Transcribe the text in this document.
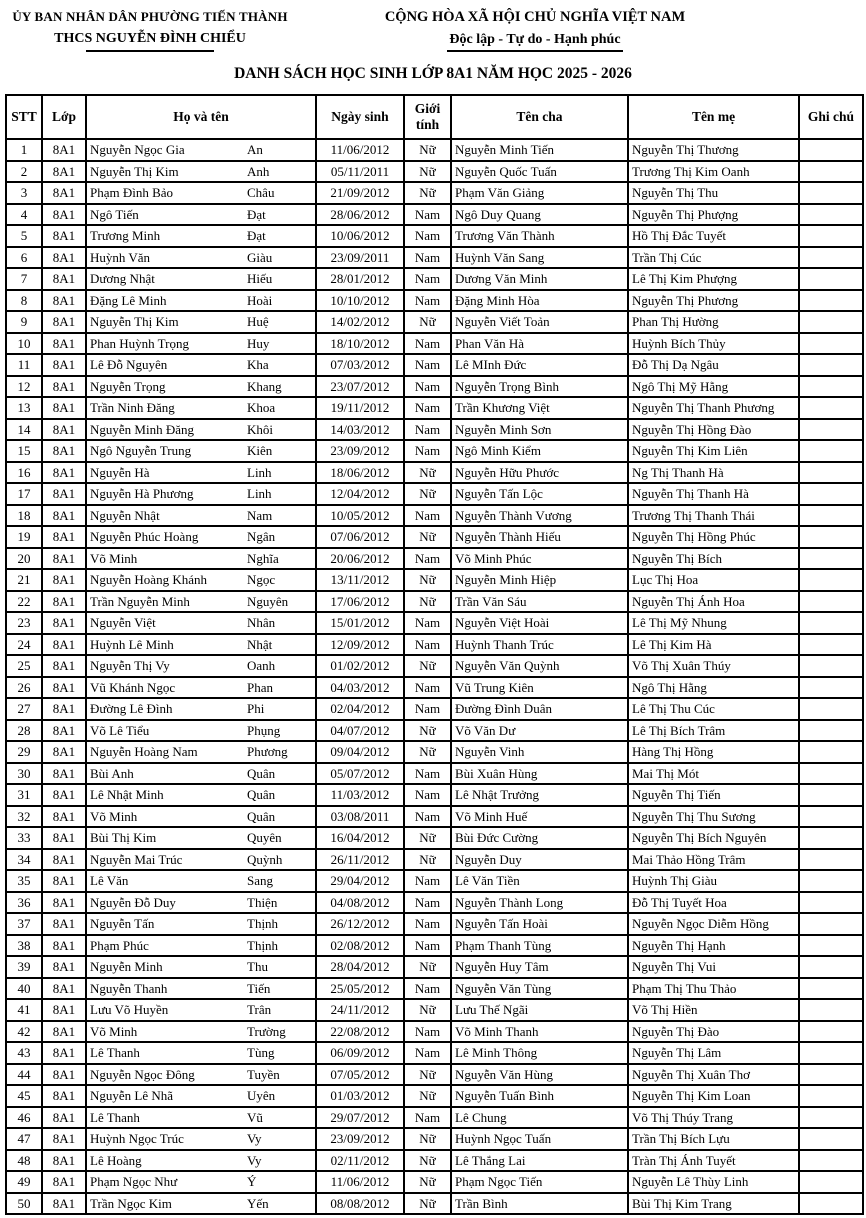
ỦY BAN NHÂN DÂN PHƯỜNG TIẾN THÀNH
THCS NGUYỄN ĐÌNH CHIỂU
CỘNG HÒA XÃ HỘI CHỦ NGHĨA VIỆT NAM
Độc lập - Tự do - Hạnh phúc
DANH SÁCH HỌC SINH LỚP 8A1 NĂM HỌC 2025 - 2026
STT	Lớp	Họ và tên	Ngày sinh	Giới tính	Tên cha	Tên mẹ	Ghi chú
1	8A1	Nguyễn Ngọc Gia An	11/06/2012	Nữ	Nguyễn Minh Tiến	Nguyễn Thị Thương	
2	8A1	Nguyễn Thị Kim Anh	05/11/2011	Nữ	Nguyễn Quốc Tuấn	Trương Thị Kim Oanh	
3	8A1	Phạm Đình Bảo Châu	21/09/2012	Nữ	Phạm Văn Giảng	Nguyễn Thị Thu	
4	8A1	Ngô Tiến Đạt	28/06/2012	Nam	Ngô Duy Quang	Nguyễn Thị Phượng	
5	8A1	Trương Minh Đạt	10/06/2012	Nam	Trương Văn Thành	Hồ Thị Đắc Tuyết	
6	8A1	Huỳnh Văn Giàu	23/09/2011	Nam	Huỳnh Văn Sang	Trần Thị Cúc	
7	8A1	Dương Nhật Hiếu	28/01/2012	Nam	Dương Văn Minh	Lê Thị Kim Phượng	
8	8A1	Đặng Lê Minh Hoài	10/10/2012	Nam	Đặng Minh Hòa	Nguyễn Thị Phương	
9	8A1	Nguyễn Thị Kim Huệ	14/02/2012	Nữ	Nguyễn Viết Toản	Phan Thị Hường	
10	8A1	Phan Huỳnh Trọng Huy	18/10/2012	Nam	Phan Văn Hà	Huỳnh Bích Thủy	
11	8A1	Lê Đỗ Nguyên Kha	07/03/2012	Nam	Lê MInh Đức	Đỗ Thị Dạ Ngâu	
12	8A1	Nguyễn Trọng Khang	23/07/2012	Nam	Nguyễn Trọng Bình	Ngô Thị Mỹ Hằng	
13	8A1	Trần Ninh Đăng Khoa	19/11/2012	Nam	Trần Khương Việt	Nguyễn Thị Thanh Phương	
14	8A1	Nguyễn Minh Đăng Khôi	14/03/2012	Nam	Nguyễn Minh Sơn	Nguyễn Thị Hồng Đào	
15	8A1	Ngô Nguyễn Trung Kiên	23/09/2012	Nam	Ngô Minh Kiểm	Nguyễn Thị Kim Liên	
16	8A1	Nguyễn Hà Linh	18/06/2012	Nữ	Nguyễn Hữu Phước	Ng Thị Thanh Hà	
17	8A1	Nguyễn Hà Phương Linh	12/04/2012	Nữ	Nguyễn Tấn Lộc	Nguyễn Thị Thanh Hà	
18	8A1	Nguyễn Nhật Nam	10/05/2012	Nam	Nguyễn Thành Vương	Trương Thị Thanh Thái	
19	8A1	Nguyễn Phúc Hoàng Ngân	07/06/2012	Nữ	Nguyễn Thành Hiếu	Nguyễn Thị Hồng Phúc	
20	8A1	Võ Minh Nghĩa	20/06/2012	Nam	Võ Minh Phúc	Nguyễn Thị Bích	
21	8A1	Nguyễn Hoàng Khánh Ngọc	13/11/2012	Nữ	Nguyễn Minh Hiệp	Lục Thị Hoa	
22	8A1	Trần Nguyễn Minh Nguyên	17/06/2012	Nữ	Trần Văn Sáu	Nguyễn Thị Ánh Hoa	
23	8A1	Nguyễn Việt Nhân	15/01/2012	Nam	Nguyễn Việt Hoài	Lê Thị Mỹ Nhung	
24	8A1	Huỳnh Lê Minh Nhật	12/09/2012	Nam	Huỳnh Thanh Trúc	Lê Thị Kim Hà	
25	8A1	Nguyễn Thị Vy Oanh	01/02/2012	Nữ	Nguyễn Văn Quỳnh	Võ Thị Xuân Thúy	
26	8A1	Vũ Khánh Ngọc Phan	04/03/2012	Nam	Vũ Trung Kiên	Ngô Thị Hằng	
27	8A1	Đường Lê Đình Phi	02/04/2012	Nam	Đường Đình Duân	Lê Thị Thu Cúc	
28	8A1	Võ Lê Tiểu Phụng	04/07/2012	Nữ	Võ Văn Dư	Lê Thị Bích Trâm	
29	8A1	Nguyễn Hoàng Nam Phương	09/04/2012	Nữ	Nguyễn Vinh	Hàng Thị Hồng	
30	8A1	Bùi Anh Quân	05/07/2012	Nam	Bùi Xuân Hùng	Mai Thị Mót	
31	8A1	Lê Nhật Minh Quân	11/03/2012	Nam	Lê Nhật Trưởng	Nguyễn Thị Tiến	
32	8A1	Võ Minh Quân	03/08/2011	Nam	Võ Minh Huế	Nguyễn Thị Thu Sương	
33	8A1	Bùi Thị Kim Quyên	16/04/2012	Nữ	Bùi Đức Cường	Nguyễn Thị Bích Nguyên	
34	8A1	Nguyễn Mai Trúc Quỳnh	26/11/2012	Nữ	Nguyễn Duy	Mai Thảo Hồng Trâm	
35	8A1	Lê Văn Sang	29/04/2012	Nam	Lê Văn Tiền	Huỳnh Thị Giàu	
36	8A1	Nguyễn Đỗ Duy Thiện	04/08/2012	Nam	Nguyễn Thành Long	Đỗ Thị Tuyết Hoa	
37	8A1	Nguyễn Tấn Thịnh	26/12/2012	Nam	Nguyễn Tấn Hoài	Nguyễn Ngọc Diễm Hồng	
38	8A1	Phạm Phúc Thịnh	02/08/2012	Nam	Phạm Thanh Tùng	Nguyễn Thị Hạnh	
39	8A1	Nguyễn Minh Thu	28/04/2012	Nữ	Nguyễn Huy Tâm	Nguyễn Thị Vui	
40	8A1	Nguyễn Thanh Tiến	25/05/2012	Nam	Nguyễn Văn Tùng	Phạm Thị Thu Thảo	
41	8A1	Lưu Võ Huyền Trân	24/11/2012	Nữ	Lưu Thế Ngãi	Võ Thị Hiền	
42	8A1	Võ Minh Trường	22/08/2012	Nam	Võ Minh Thanh	Nguyễn Thị Đào	
43	8A1	Lê Thanh Tùng	06/09/2012	Nam	Lê Minh Thông	Nguyễn Thị Lâm	
44	8A1	Nguyễn Ngọc Đông Tuyền	07/05/2012	Nữ	Nguyễn Văn Hùng	Nguyễn Thị Xuân Thơ	
45	8A1	Nguyễn Lê Nhã Uyên	01/03/2012	Nữ	Nguyễn Tuấn Bình	Nguyễn Thị Kim Loan	
46	8A1	Lê Thanh Vũ	29/07/2012	Nam	Lê Chung	Võ Thị Thúy Trang	
47	8A1	Huỳnh Ngọc Trúc Vy	23/09/2012	Nữ	Huỳnh Ngọc Tuấn	Trần Thị Bích Lựu	
48	8A1	Lê Hoàng Vy	02/11/2012	Nữ	Lê Thắng Lai	Tràn Thị Ánh Tuyết	
49	8A1	Phạm Ngọc Như Ý	11/06/2012	Nữ	Phạm Ngọc Tiến	Nguyễn Lê Thùy Linh	
50	8A1	Trần Ngọc Kim Yến	08/08/2012	Nữ	Trần Bình	Bùi Thị Kim Trang	
